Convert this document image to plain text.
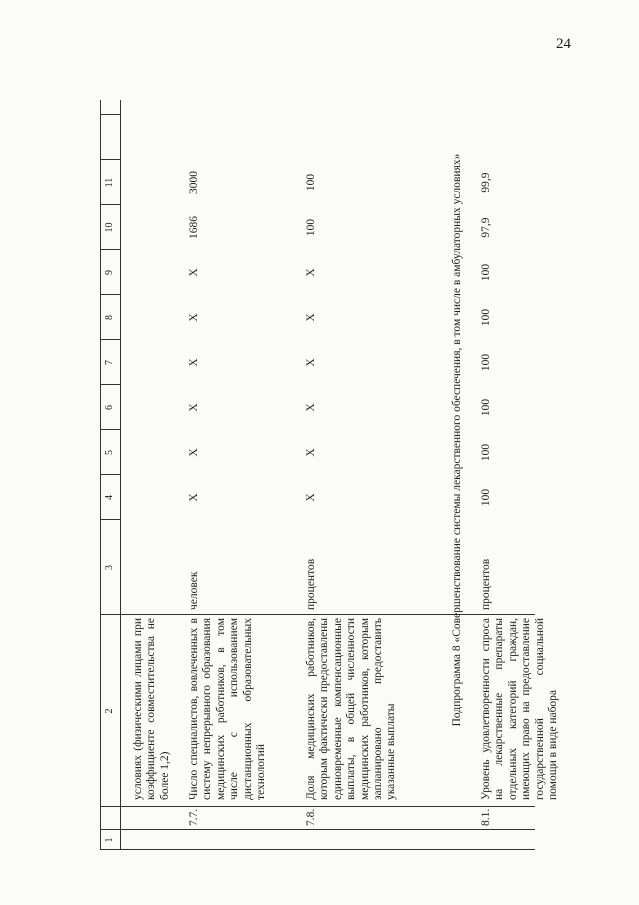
24
1
2
3
4
5
6
7
8
9
10
11
условиях (физическими лицами при коэффициенте совместительства не более 1,2)
7.7.
Число специалистов, вовлеченных в систему непрерывного образования медицинских работников, в том числе с использованием дистанционных образовательных технологий
человек
X
X
X
X
X
X
1686
3000
7.8.
Доля медицинских работников, которым фактически предоставлены единовременные компенсационные выплаты, в общей численности медицинских работников, которым запланировано предоставить указанные выплаты
процентов
X
X
X
X
X
X
100
100	Подпрограмма 8 «Совершенствование системы лекарственного обеспечения, в том числе в амбулаторных условиях»
8.1.
Уровень удовлетворенности спроса на лекарственные препараты отдельных категорий граждан, имеющих право на предоставление государственной социальной помощи в виде набора
процентов
100
100
100
100
100
100
97,9
99,9
